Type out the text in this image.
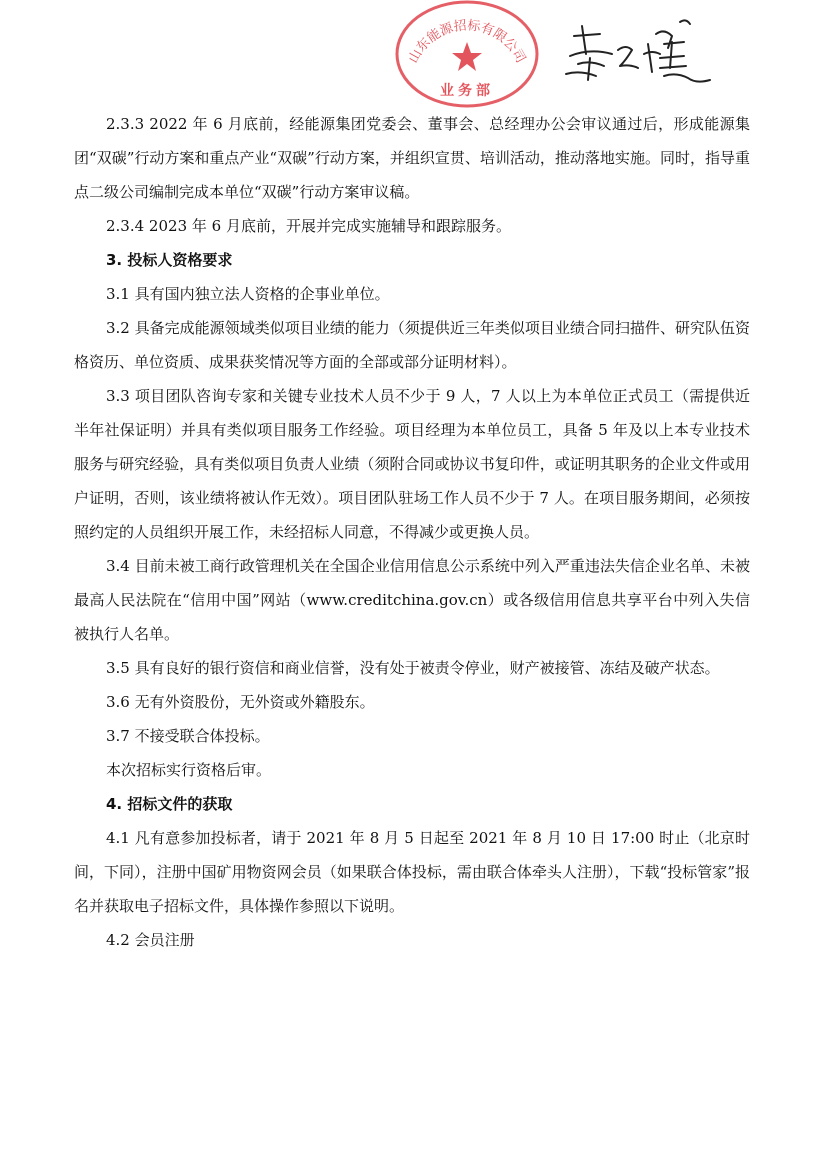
山东能源招标有限公司
业务部

2.3.3 2022 年 6 月底前，经能源集团党委会、董事会、总经理办公会审议通过后，形成能源集团“双碳”行动方案和重点产业“双碳”行动方案，并组织宣贯、培训活动，推动落地实施。同时，指导重点二级公司编制完成本单位“双碳”行动方案审议稿。

2.3.4 2023 年 6 月底前，开展并完成实施辅导和跟踪服务。

3. 投标人资格要求

3.1 具有国内独立法人资格的企事业单位。

3.2 具备完成能源领域类似项目业绩的能力（须提供近三年类似项目业绩合同扫描件、研究队伍资格资历、单位资质、成果获奖情况等方面的全部或部分证明材料）。

3.3 项目团队咨询专家和关键专业技术人员不少于 9 人，7 人以上为本单位正式员工（需提供近半年社保证明）并具有类似项目服务工作经验。项目经理为本单位员工，具备 5 年及以上本专业技术服务与研究经验，具有类似项目负责人业绩（须附合同或协议书复印件，或证明其职务的企业文件或用户证明，否则，该业绩将被认作无效）。项目团队驻场工作人员不少于 7 人。在项目服务期间，必须按照约定的人员组织开展工作，未经招标人同意，不得减少或更换人员。

3.4 目前未被工商行政管理机关在全国企业信用信息公示系统中列入严重违法失信企业名单、未被最高人民法院在“信用中国”网站（www.creditchina.gov.cn）或各级信用信息共享平台中列入失信被执行人名单。

3.5 具有良好的银行资信和商业信誉，没有处于被责令停业，财产被接管、冻结及破产状态。

3.6 无有外资股份，无外资或外籍股东。

3.7 不接受联合体投标。

本次招标实行资格后审。

4. 招标文件的获取

4.1 凡有意参加投标者，请于 2021 年 8 月 5 日起至 2021 年 8 月 10 日 17:00 时止（北京时间，下同），注册中国矿用物资网会员（如果联合体投标，需由联合体牵头人注册），下载“投标管家”报名并获取电子招标文件，具体操作参照以下说明。

4.2 会员注册
